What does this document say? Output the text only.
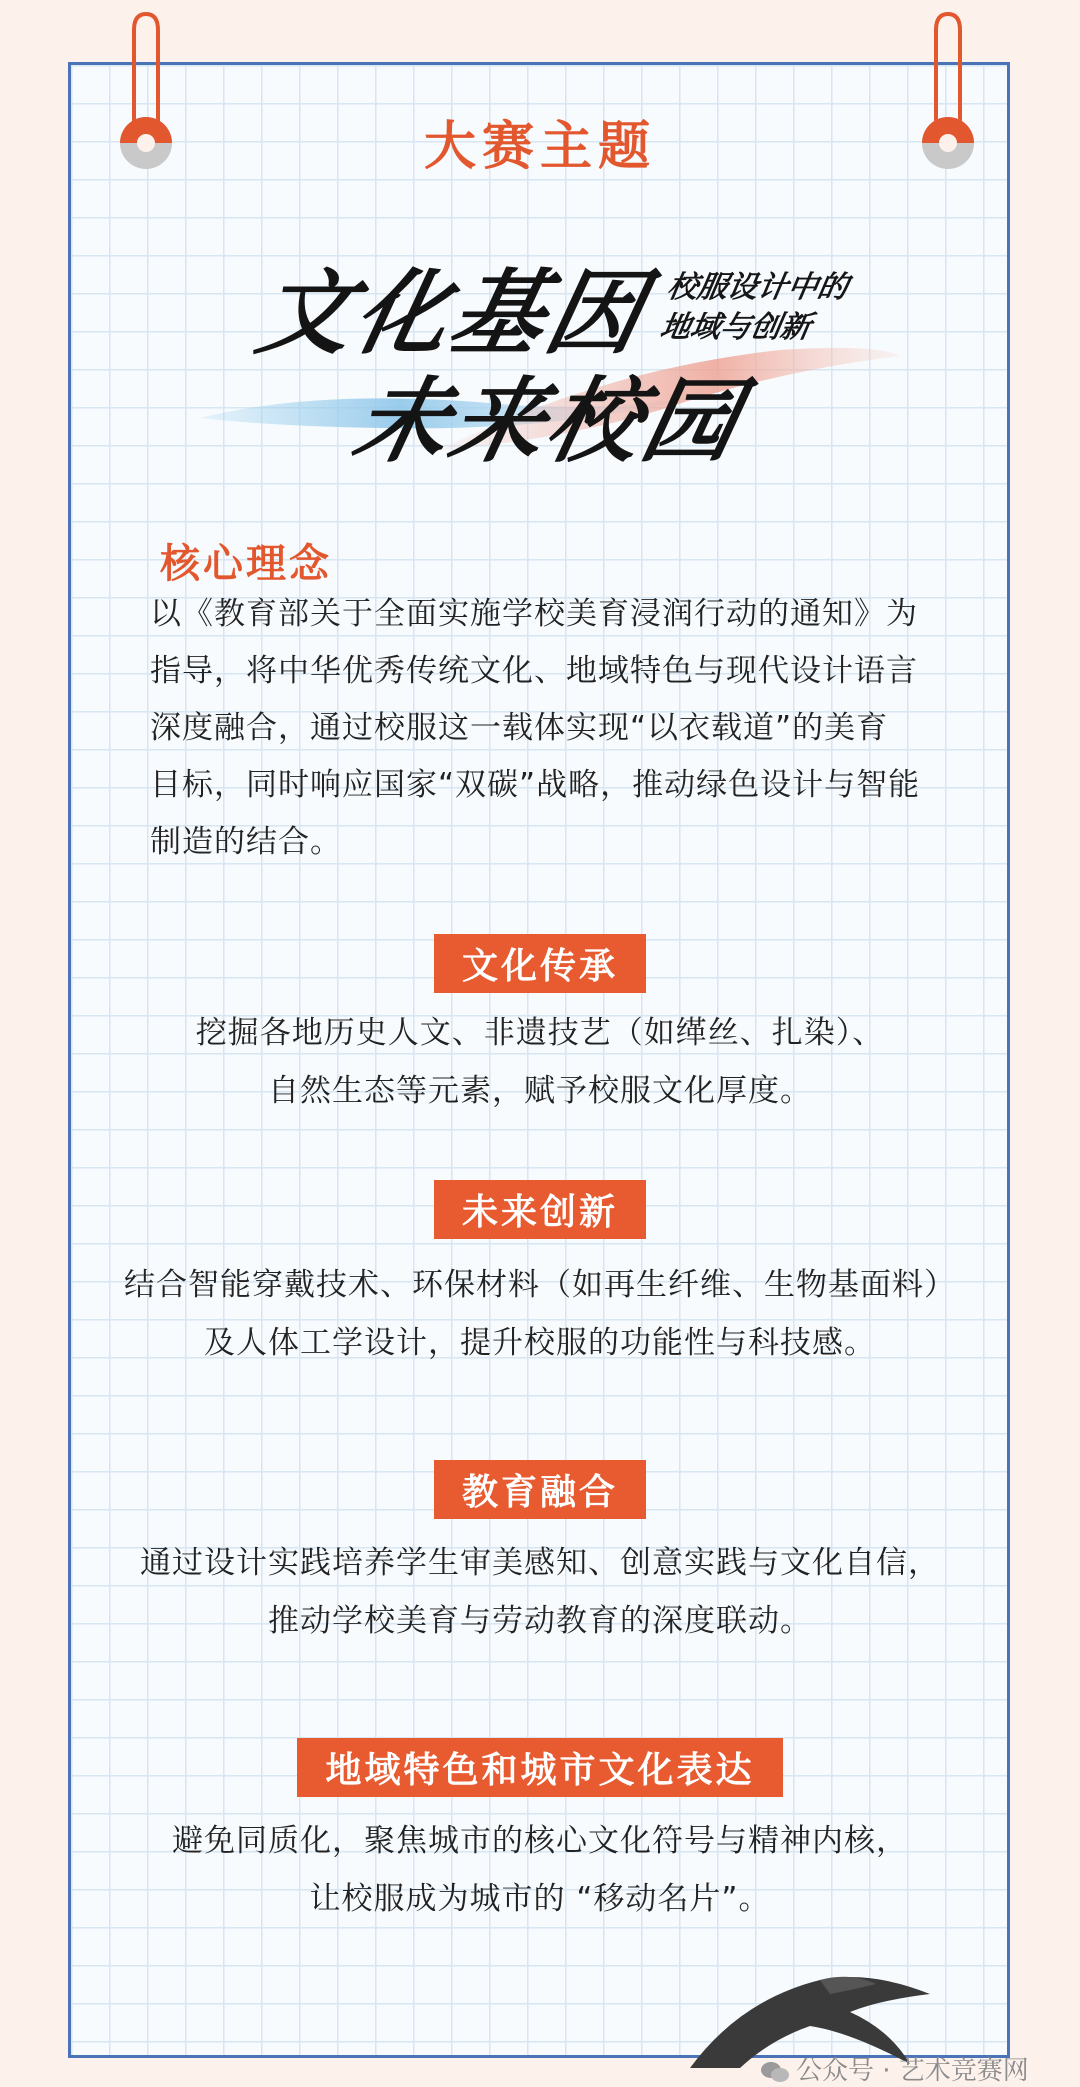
大赛主题
文化基因
未来校园
校服设计中的
地域与创新
核心理念
以《教育部关于全面实施学校美育浸润行动的通知》为
指导，将中华优秀传统文化、地域特色与现代设计语言
深度融合，通过校服这一载体实现“以衣载道”的美育
目标，同时响应国家“双碳”战略，推动绿色设计与智能
制造的结合。
文化传承
挖掘各地历史人文、非遗技艺（如缂丝、扎染）、
自然生态等元素，赋予校服文化厚度。
未来创新
结合智能穿戴技术、环保材料（如再生纤维、生物基面料）
及人体工学设计，提升校服的功能性与科技感。
教育融合
通过设计实践培养学生审美感知、创意实践与文化自信，
推动学校美育与劳动教育的深度联动。
地域特色和城市文化表达
避免同质化，聚焦城市的核心文化符号与精神内核，
让校服成为城市的 “移动名片”。
公众号 · 艺术竞赛网
